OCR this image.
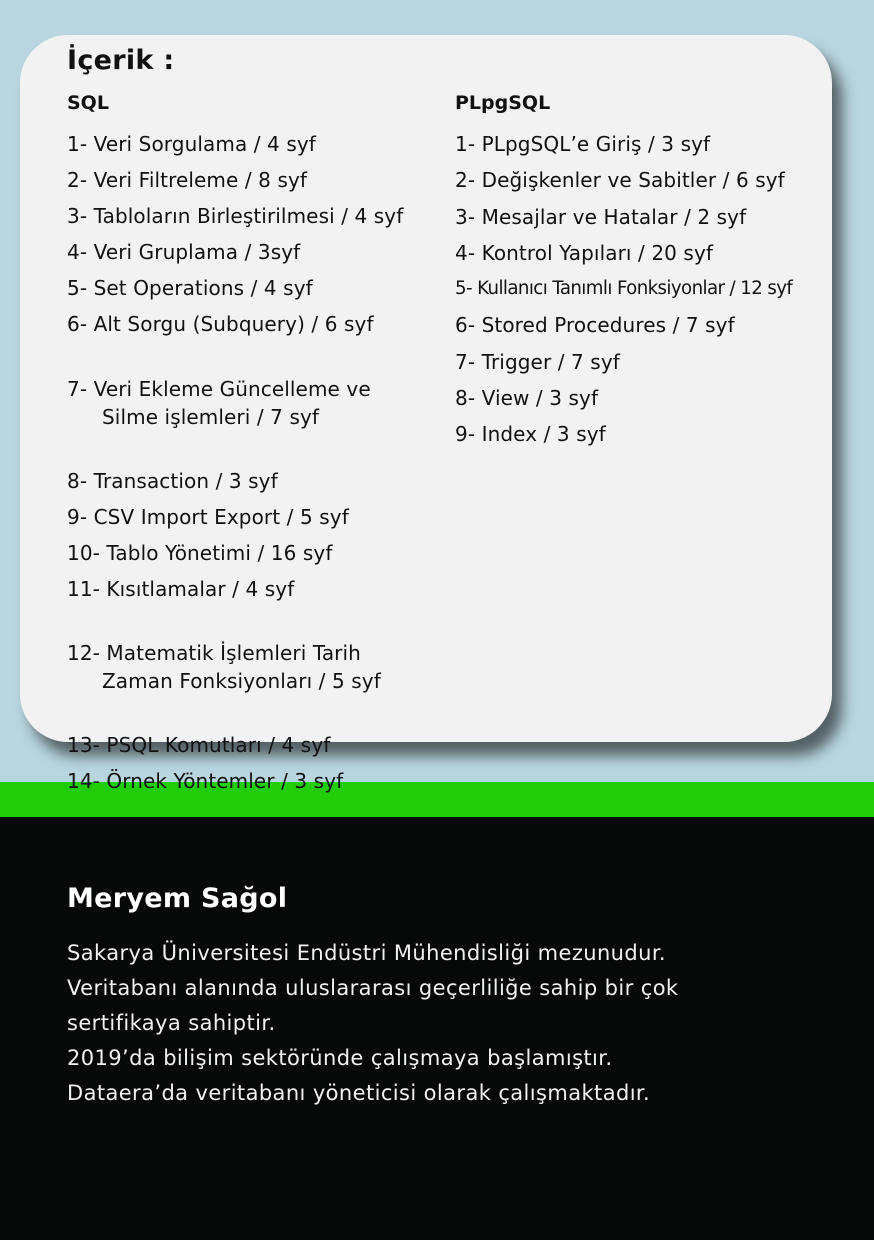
İçerik :
SQL
1- Veri Sorgulama / 4 syf
2- Veri Filtreleme / 8 syf
3- Tabloların Birleştirilmesi / 4 syf
4- Veri Gruplama / 3syf
5- Set Operations / 4 syf
6- Alt Sorgu (Subquery) / 6 syf

7- Veri Ekleme Güncelleme ve

Silme işlemleri / 7 syf

8- Transaction / 3 syf
9- CSV Import Export / 5 syf
10- Tablo Yönetimi / 16 syf
11- Kısıtlamalar / 4 syf

12- Matematik İşlemleri Tarih

Zaman Fonksiyonları / 5 syf

13- PSQL Komutları / 4 syf
14- Örnek Yöntemler / 3 syf
PLpgSQL
1- PLpgSQL’e Giriş / 3 syf
2- Değişkenler ve Sabitler / 6 syf
3- Mesajlar ve Hatalar / 2 syf
4- Kontrol Yapıları / 20 syf
5- Kullanıcı Tanımlı Fonksiyonlar / 12 syf
6- Stored Procedures / 7 syf
7- Trigger / 7 syf
8- View / 3 syf
9- Index / 3 syf
Meryem Sağol

Sakarya Üniversitesi Endüstri Mühendisliği mezunudur.

Veritabanı alanında uluslararası geçerliliğe sahip bir çok

sertifikaya sahiptir.

2019’da bilişim sektöründe çalışmaya başlamıştır.

Dataera’da veritabanı yöneticisi olarak çalışmaktadır.
